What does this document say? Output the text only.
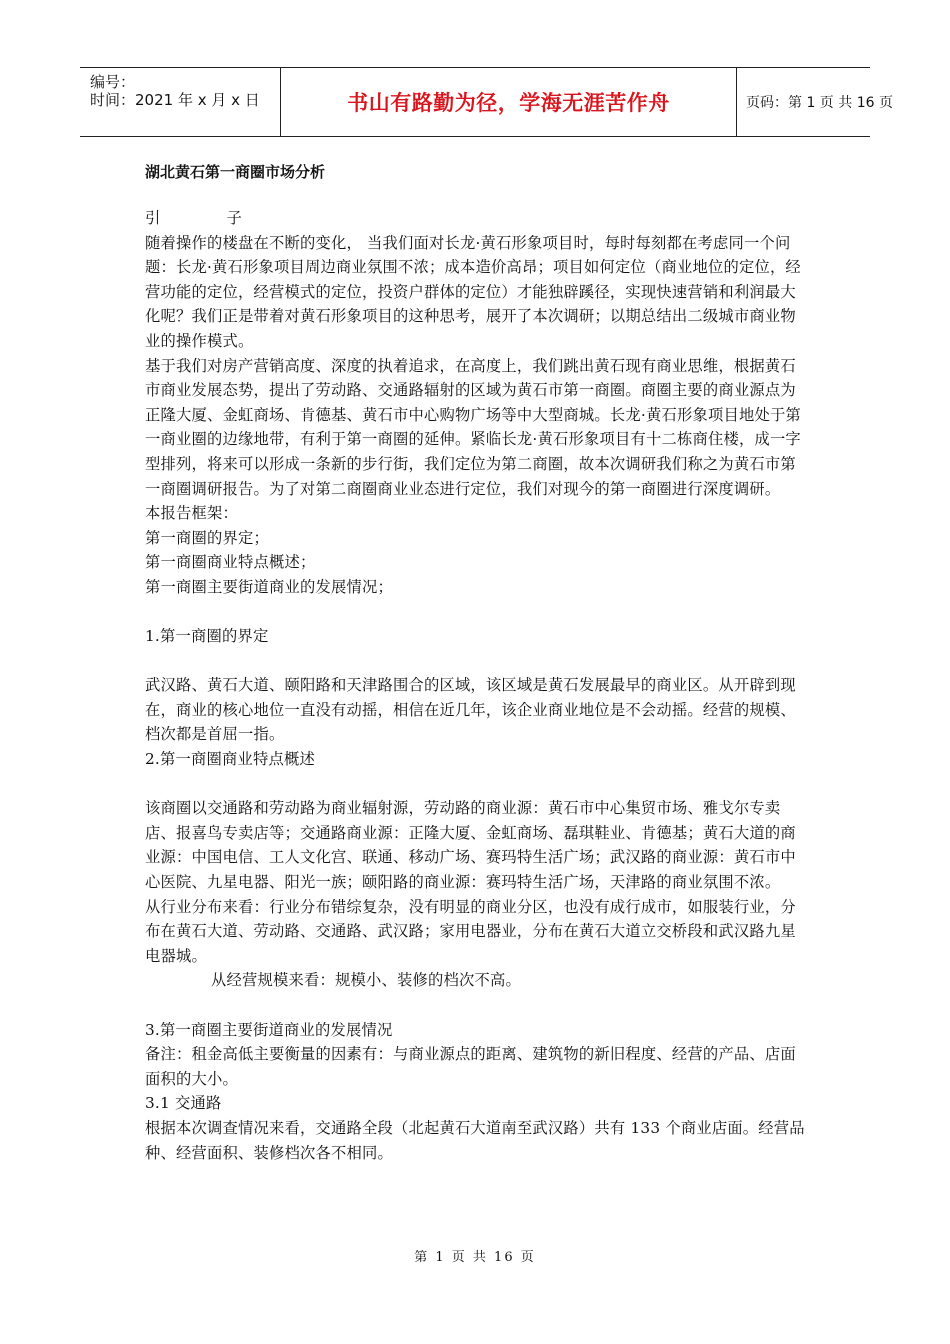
编号：
时间：2021 年 x 月 x 日	书山有路勤为径，学海无涯苦作舟	页码：第 1 页 共 16 页
湖北黄石第一商圈市场分析

引	子

随着操作的楼盘在不断的变化， 当我们面对长龙·黄石形象项目时，每时每刻都在考虑同一个问题：长龙·黄石形象项目周边商业氛围不浓；成本造价高昂；项目如何定位（商业地位的定位，经营功能的定位，经营模式的定位，投资户群体的定位）才能独辟蹊径，实现快速营销和利润最大化呢？我们正是带着对黄石形象项目的这种思考，展开了本次调研；以期总结出二级城市商业物业的操作模式。

基于我们对房产营销高度、深度的执着追求，在高度上，我们跳出黄石现有商业思维，根据黄石市商业发展态势，提出了劳动路、交通路辐射的区域为黄石市第一商圈。商圈主要的商业源点为正隆大厦、金虹商场、肯德基、黄石市中心购物广场等中大型商城。长龙·黄石形象项目地处于第一商业圈的边缘地带，有利于第一商圈的延伸。紧临长龙·黄石形象项目有十二栋商住楼，成一字型排列，将来可以形成一条新的步行街，我们定位为第二商圈，故本次调研我们称之为黄石市第一商圈调研报告。为了对第二商圈商业业态进行定位，我们对现今的第一商圈进行深度调研。

本报告框架：

第一商圈的界定；

第一商圈商业特点概述；

第一商圈主要街道商业的发展情况；

1.第一商圈的界定

武汉路、黄石大道、颐阳路和天津路围合的区域，该区域是黄石发展最早的商业区。从开辟到现在，商业的核心地位一直没有动摇，相信在近几年，该企业商业地位是不会动摇。经营的规模、档次都是首屈一指。

2.第一商圈商业特点概述

该商圈以交通路和劳动路为商业辐射源，劳动路的商业源：黄石市中心集贸市场、雅戈尔专卖店、报喜鸟专卖店等；交通路商业源：正隆大厦、金虹商场、磊琪鞋业、肯德基；黄石大道的商业源：中国电信、工人文化宫、联通、移动广场、赛玛特生活广场；武汉路的商业源：黄石市中心医院、九星电器、阳光一族；颐阳路的商业源：赛玛特生活广场，天津路的商业氛围不浓。

从行业分布来看：行业分布错综复杂，没有明显的商业分区，也没有成行成市，如服装行业，分布在黄石大道、劳动路、交通路、武汉路；家用电器业，分布在黄石大道立交桥段和武汉路九星电器城。

从经营规模来看：规模小、装修的档次不高。

3.第一商圈主要街道商业的发展情况

备注：租金高低主要衡量的因素有：与商业源点的距离、建筑物的新旧程度、经营的产品、店面面积的大小。

3.1 交通路

根据本次调查情况来看，交通路全段（北起黄石大道南至武汉路）共有 133 个商业店面。经营品种、经营面积、装修档次各不相同。

第 1 页 共 16 页
